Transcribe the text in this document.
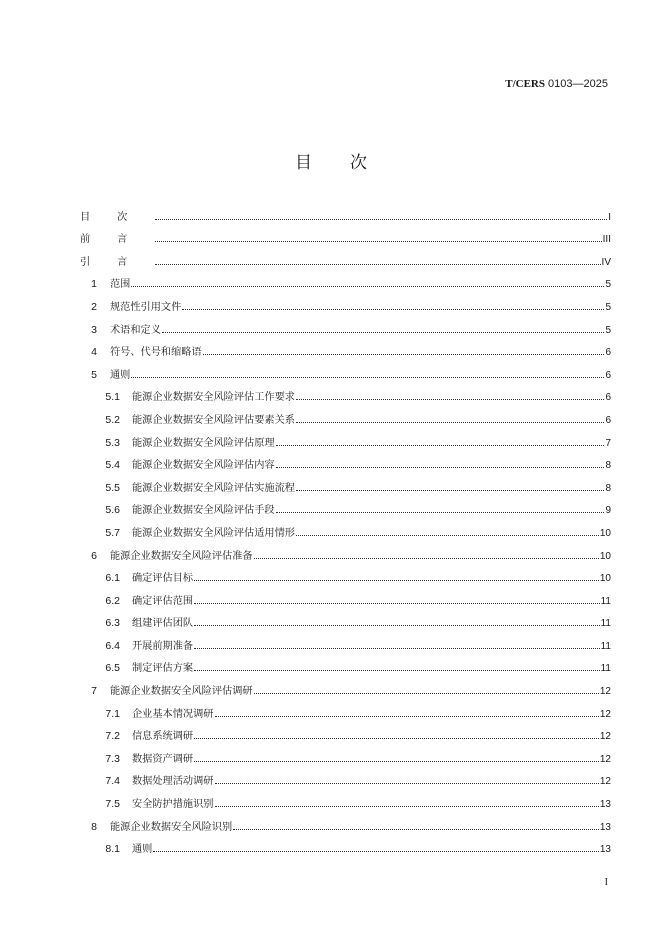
T/CERS 0103—2025
目次
目次	I
前言	III
引言	IV
1 范围	5
2 规范性引用文件	5
3 术语和定义	5
4 符号、代号和缩略语	6
5 通则	6
5.1 能源企业数据安全风险评估工作要求	6
5.2 能源企业数据安全风险评估要素关系	6
5.3 能源企业数据安全风险评估原理	7
5.4 能源企业数据安全风险评估内容	8
5.5 能源企业数据安全风险评估实施流程	8
5.6 能源企业数据安全风险评估手段	9
5.7 能源企业数据安全风险评估适用情形	10
6 能源企业数据安全风险评估准备	10
6.1 确定评估目标	10
6.2 确定评估范围	11
6.3 组建评估团队	11
6.4 开展前期准备	11
6.5 制定评估方案	11
7 能源企业数据安全风险评估调研	12
7.1 企业基本情况调研	12
7.2 信息系统调研	12
7.3 数据资产调研	12
7.4 数据处理活动调研	12
7.5 安全防护措施识别	13
8 能源企业数据安全风险识别	13
8.1 通则	13
I
